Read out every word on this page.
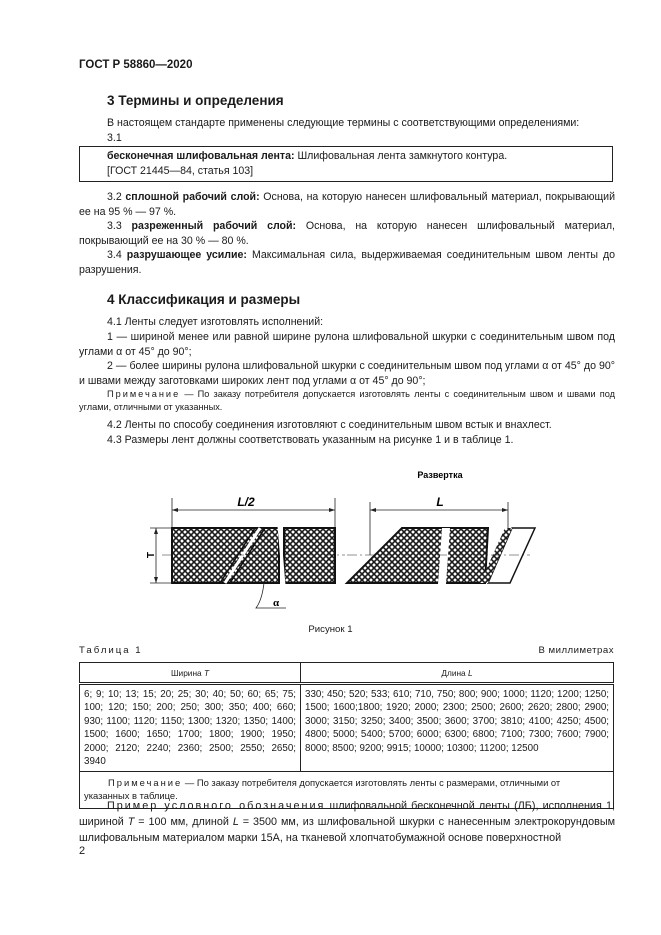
ГОСТ Р 58860—2020
3 Термины и определения
В настоящем стандарте применены следующие термины с соответствующими определениями:
3.1
бесконечная шлифовальная лента: Шлифовальная лента замкнутого контура.
[ГОСТ 21445—84, статья 103]
3.2 сплошной рабочий слой: Основа, на которую нанесен шлифовальный материал, покрывающий ее на 95 % — 97 %.
3.3 разреженный рабочий слой: Основа, на которую нанесен шлифовальный материал, покрывающий ее на 30 % — 80 %.
3.4 разрушающее усилие: Максимальная сила, выдерживаемая соединительным швом ленты до разрушения.
4 Классификация и размеры
4.1 Ленты следует изготовлять исполнений:
1 — шириной менее или равной ширине рулона шлифовальной шкурки с соединительным швом под углами α от 45° до 90°;
2 — более ширины рулона шлифовальной шкурки с соединительным швом под углами α от 45° до 90° и швами между заготовками широких лент под углами α от 45° до 90°;
Примечание — По заказу потребителя допускается изготовлять ленты с соединительным швом и швами под углами, отличными от указанных.
4.2 Ленты по способу соединения изготовляют с соединительным швом встык и внахлест.
4.3 Размеры лент должны соответствовать указанным на рисунке 1 и в таблице 1.
L/2
T
α
Развертка
L
Рисунок 1
Таблица 1	В миллиметрах
Ширина T	Длина L
6; 9; 10; 13; 15; 20; 25; 30; 40; 50; 60; 65; 75; 100; 120; 150; 200; 250; 300; 350; 400; 660; 930; 1100; 1120; 1150; 1300; 1320; 1350; 1400; 1500; 1600; 1650; 1700; 1800; 1900; 1950; 2000; 2120; 2240; 2360; 2500; 2550; 2650; 3940	330; 450; 520; 533; 610; 710, 750; 800; 900; 1000; 1120; 1200; 1250; 1500; 1600;1800; 1920; 2000; 2300; 2500; 2600; 2620; 2800; 2900; 3000; 3150; 3250; 3400; 3500; 3600; 3700; 3810; 4100; 4250; 4500; 4800; 5000; 5400; 5700; 6000; 6300; 6800; 7100; 7300; 7600; 7900; 8000; 8500; 9200; 9915; 10000; 10300; 11200; 12500
Примечание — По заказу потребителя допускается изготовлять ленты с размерами, отличными от указанных в таблице.	
Пример условного обозначения шлифовальной бесконечной ленты (ЛБ), исполнения 1, шириной T = 100 мм, длиной L = 3500 мм, из шлифовальной шкурки с нанесенным электрокорундовым шлифовальным материалом марки 15А, на тканевой хлопчатобумажной основе поверхностной
2
